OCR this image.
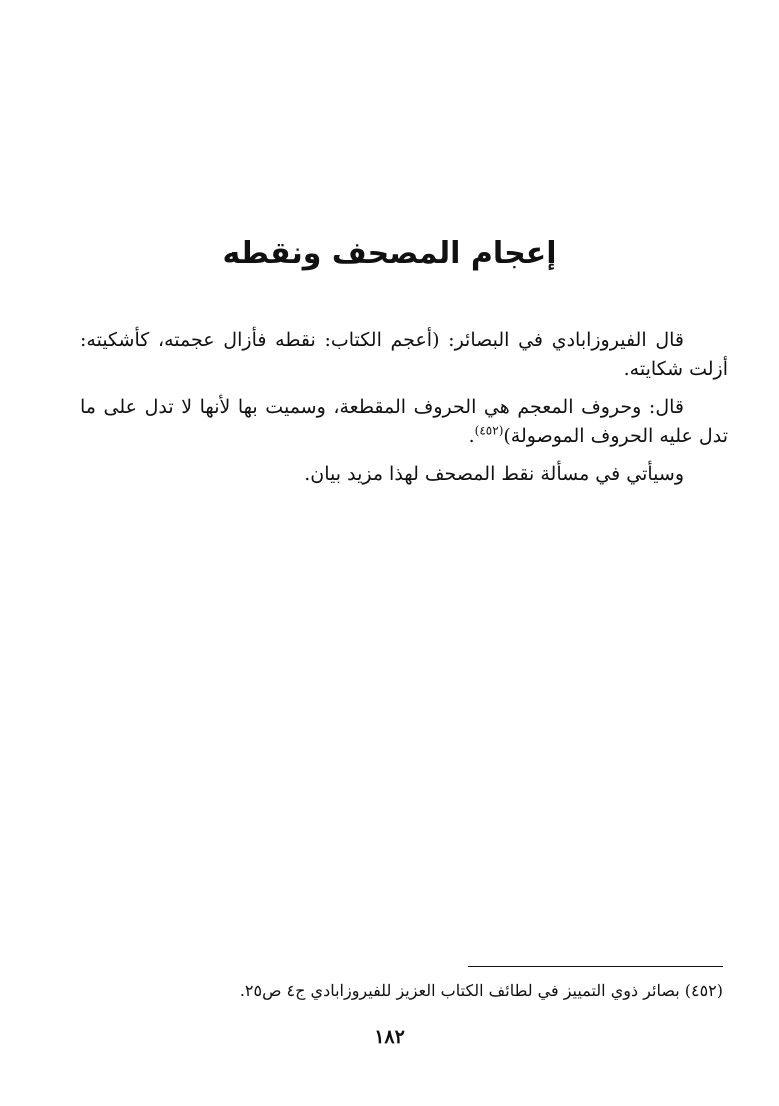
إعجام المصحف ونقطه

قال الفيروزابادي في البصائر: (أعجم الكتاب: نقطه فأزال عجمته، كأشكيته: أزلت شكايته.

قال: وحروف المعجم هي الحروف المقطعة، وسميت بها لأنها لا تدل على ما تدل عليه الحروف الموصولة)$^{(٤٥٢)}$.

وسيأتي في مسألة نقط المصحف لهذا مزيد بيان.

(٤٥٢) بصائر ذوي التمييز في لطائف الكتاب العزيز للفيروزابادي ج٤ ص٢٥.
١٨٢
